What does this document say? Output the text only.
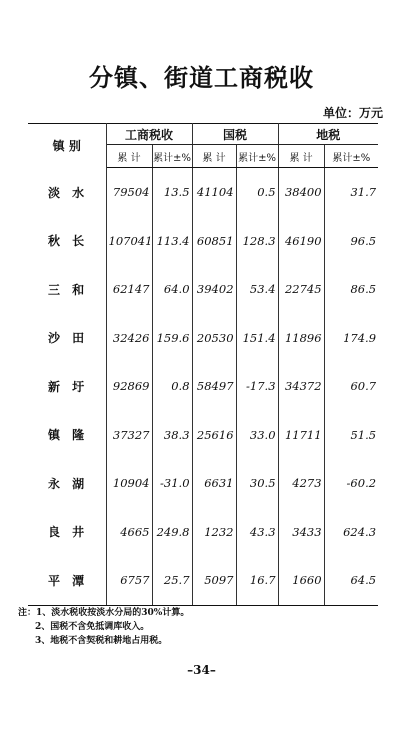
分镇、街道工商税收
单位：万元
镇 别	工商税收		国税		地税	
	累 计	累计±%	累 计	累计±%	累 计	累计±%
淡 水	79504	13.5	41104	0.5	38400	31.7
秋 长	107041	113.4	60851	128.3	46190	96.5
三 和	62147	64.0	39402	53.4	22745	86.5
沙 田	32426	159.6	20530	151.4	11896	174.9
新 圩	92869	0.8	58497	-17.3	34372	60.7
镇 隆	37327	38.3	25616	33.0	11711	51.5
永 湖	10904	-31.0	6631	30.5	4273	-60.2
良 井	4665	249.8	1232	43.3	3433	624.3
平 潭	6757	25.7	5097	16.7	1660	64.5
注：1、淡水税收按淡水分局的30%计算。
2、国税不含免抵调库收入。
3、地税不含契税和耕地占用税。
–34–
